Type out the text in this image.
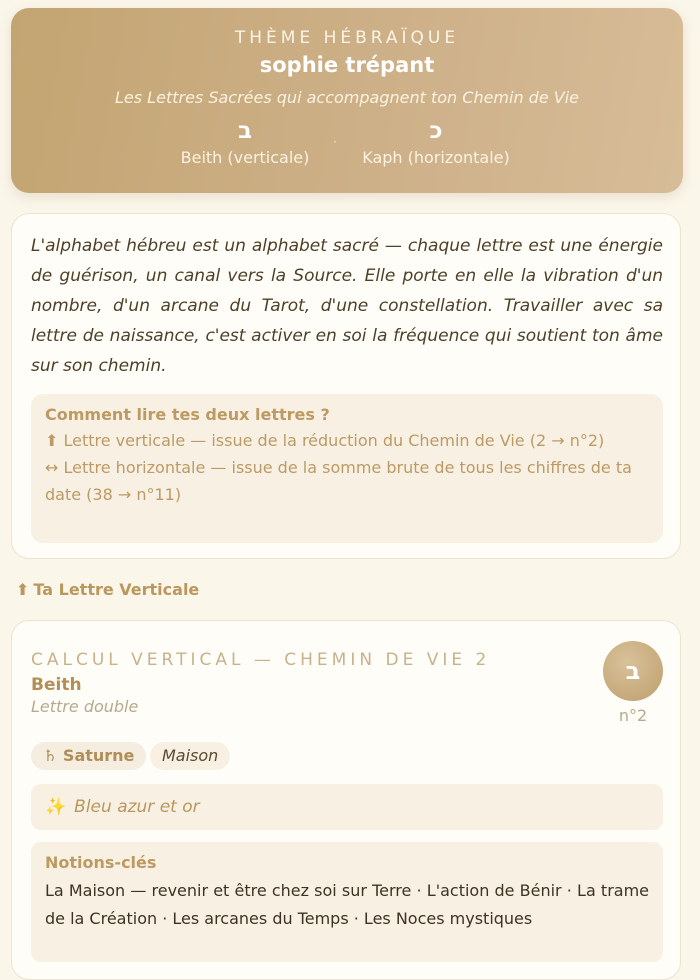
THÈME HÉBRAÏQUE
sophie trépant
Les Lettres Sacrées qui accompagnent ton Chemin de Vie
ב
Beith (verticale)
·	כ
Kaph (horizontale)

L'alphabet hébreu est un alphabet sacré — chaque lettre est une énergie de guérison, un canal vers la Source. Elle porte en elle la vibration d'un nombre, d'un arcane du Tarot, d'une constellation. Travailler avec sa lettre de naissance, c'est activer en soi la fréquence qui soutient ton âme sur son chemin.

Comment lire tes deux lettres ?
⬆ Lettre verticale — issue de la réduction du Chemin de Vie (2 → n°2)
↔ Lettre horizontale — issue de la somme brute de tous les chiffres de ta date (38 → n°11)
⬆ Ta Lettre Verticale
CALCUL VERTICAL — CHEMIN DE VIE 2
Beith
Lettre double
ב
n°2
♄ Saturne	Maison
✨ Bleu azur et or
Notions-clés

La Maison — revenir et être chez soi sur Terre · L'action de Bénir · La trame de la Création · Les arcanes du Temps · Les Noces mystiques
